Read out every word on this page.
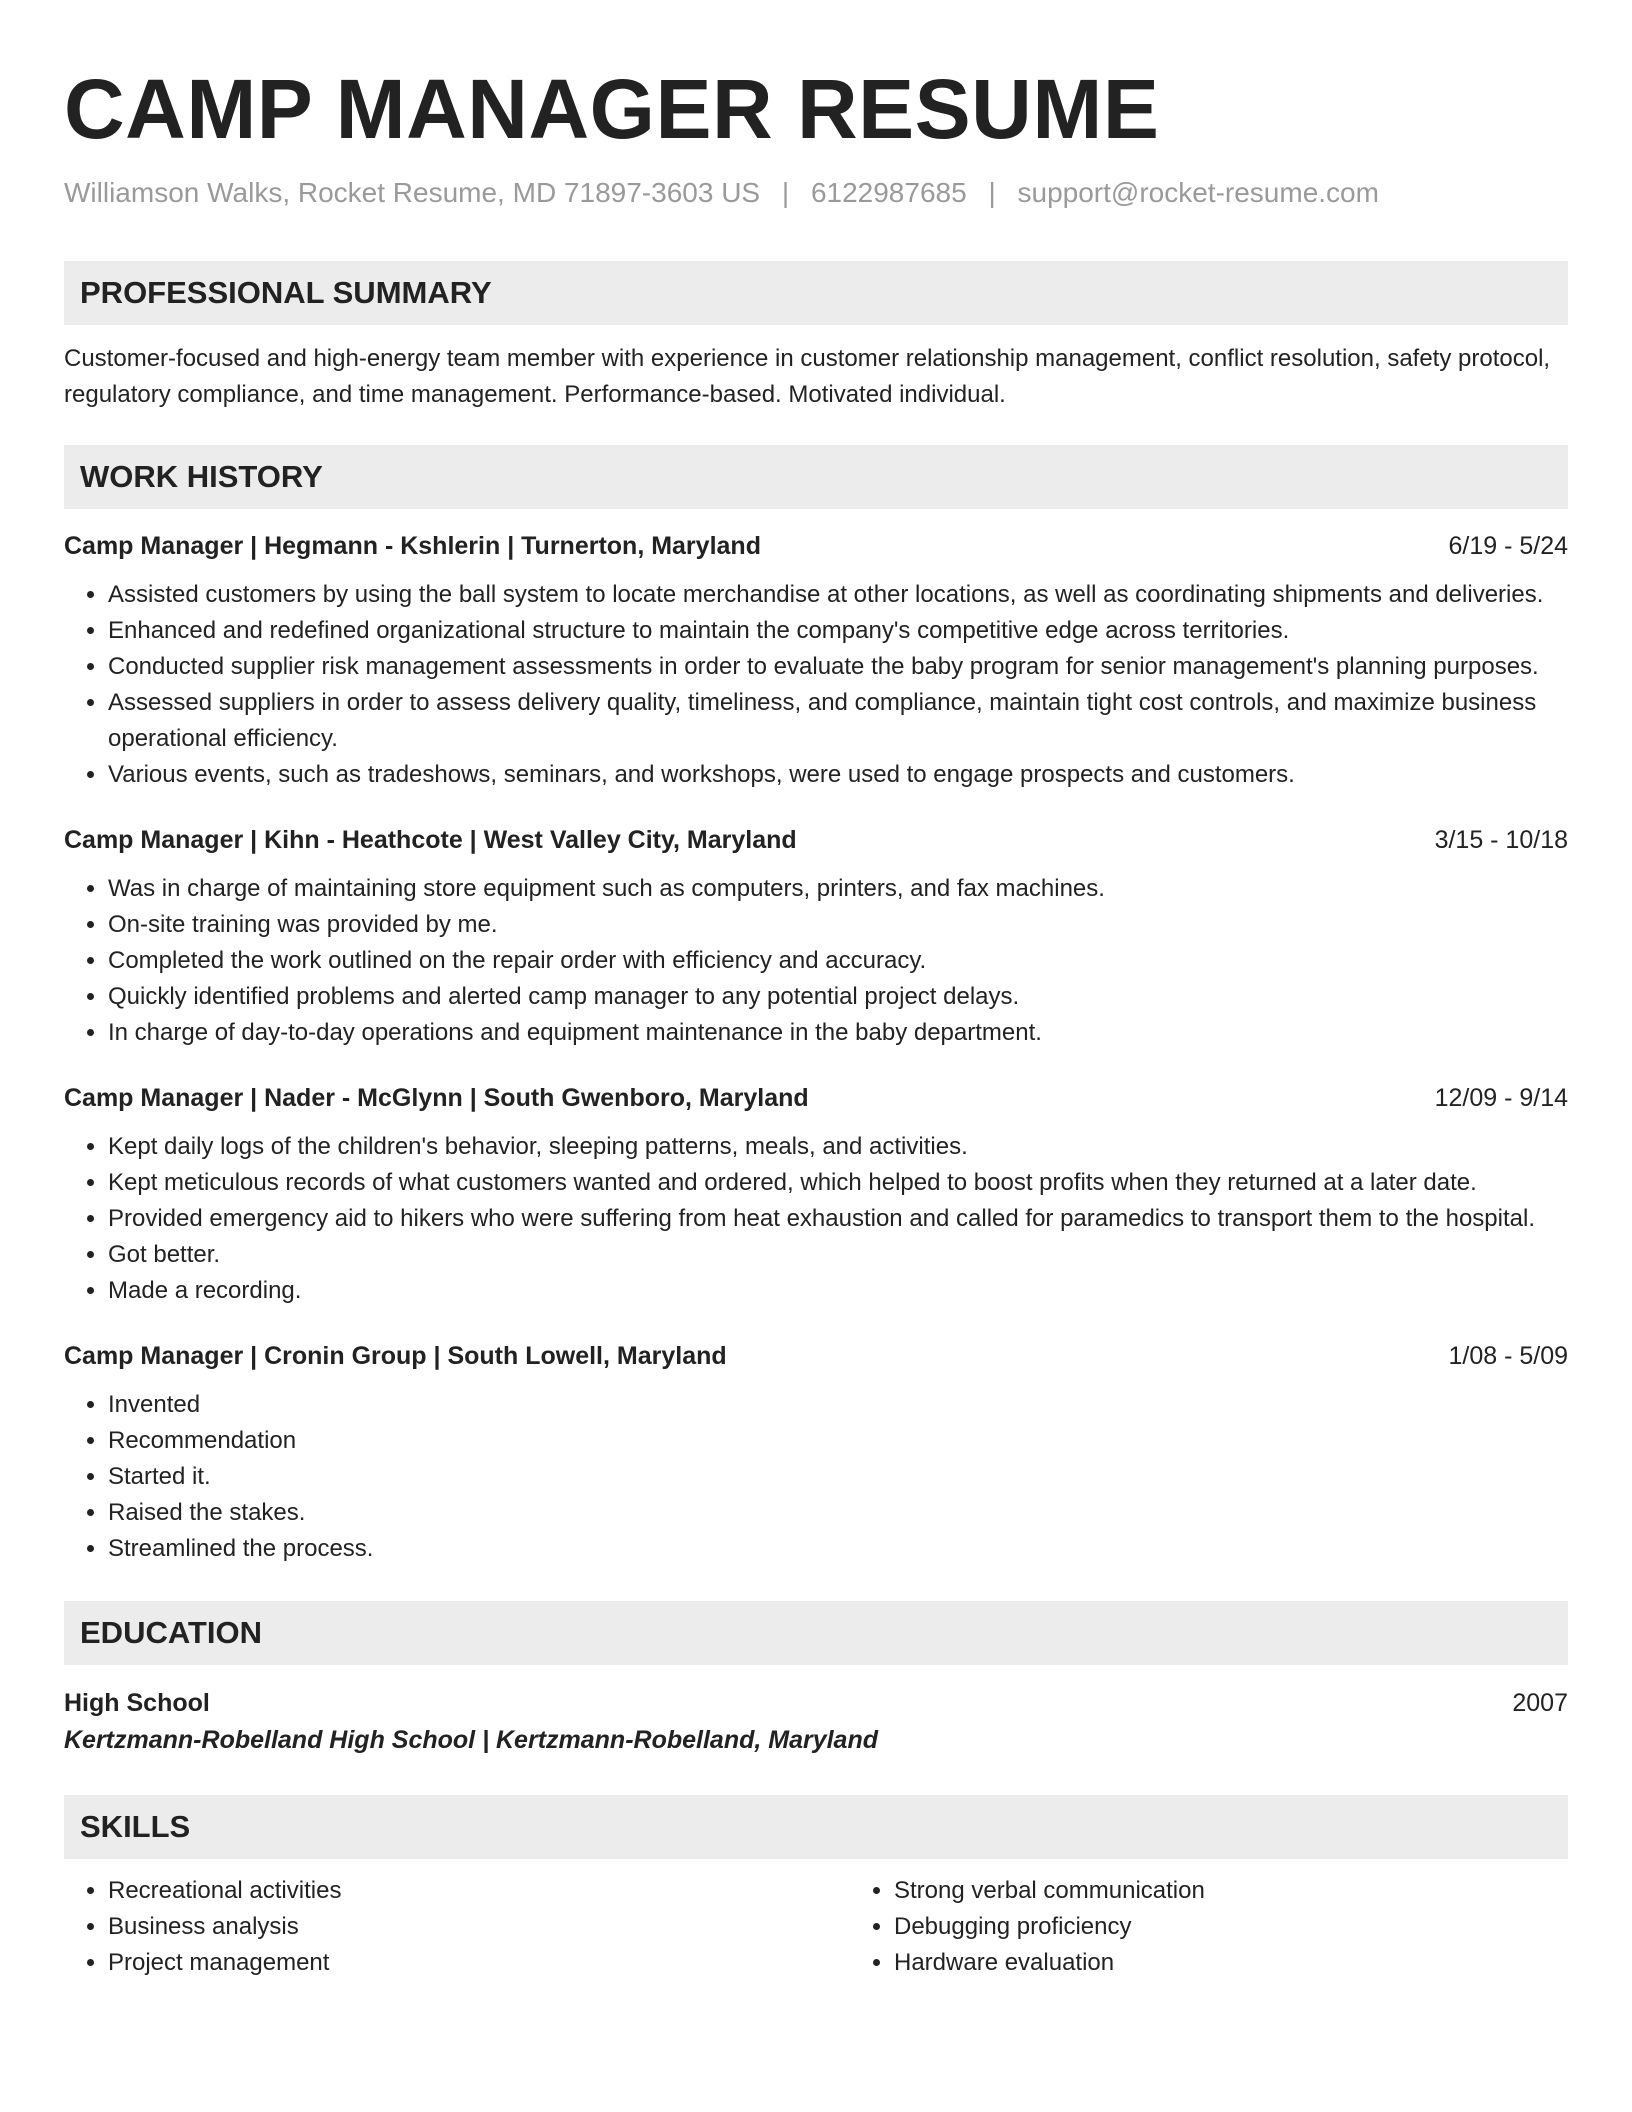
CAMP MANAGER RESUME
Williamson Walks, Rocket Resume, MD 71897-3603 US | 6122987685 | support@rocket-resume.com
PROFESSIONAL SUMMARY

Customer-focused and high-energy team member with experience in customer relationship management, conflict resolution, safety protocol, regulatory compliance, and time management. Performance-based. Motivated individual.

WORK HISTORY
Camp Manager | Hegmann - Kshlerin | Turnerton, Maryland	6/19 - 5/24
• Assisted customers by using the ball system to locate merchandise at other locations, as well as coordinating shipments and deliveries.
• Enhanced and redefined organizational structure to maintain the company's competitive edge across territories.
• Conducted supplier risk management assessments in order to evaluate the baby program for senior management's planning purposes.
• Assessed suppliers in order to assess delivery quality, timeliness, and compliance, maintain tight cost controls, and maximize business operational efficiency.
• Various events, such as tradeshows, seminars, and workshops, were used to engage prospects and customers.
Camp Manager | Kihn - Heathcote | West Valley City, Maryland	3/15 - 10/18
• Was in charge of maintaining store equipment such as computers, printers, and fax machines.
• On-site training was provided by me.
• Completed the work outlined on the repair order with efficiency and accuracy.
• Quickly identified problems and alerted camp manager to any potential project delays.
• In charge of day-to-day operations and equipment maintenance in the baby department.
Camp Manager | Nader - McGlynn | South Gwenboro, Maryland	12/09 - 9/14
• Kept daily logs of the children's behavior, sleeping patterns, meals, and activities.
• Kept meticulous records of what customers wanted and ordered, which helped to boost profits when they returned at a later date.
• Provided emergency aid to hikers who were suffering from heat exhaustion and called for paramedics to transport them to the hospital.
• Got better.
• Made a recording.
Camp Manager | Cronin Group | South Lowell, Maryland	1/08 - 5/09
• Invented
• Recommendation
• Started it.
• Raised the stakes.
• Streamlined the process.
EDUCATION
High School	2007
Kertzmann-Robelland High School | Kertzmann-Robelland, Maryland
SKILLS
• Recreational activities
• Business analysis
• Project management
• Strong verbal communication
• Debugging proficiency
• Hardware evaluation
